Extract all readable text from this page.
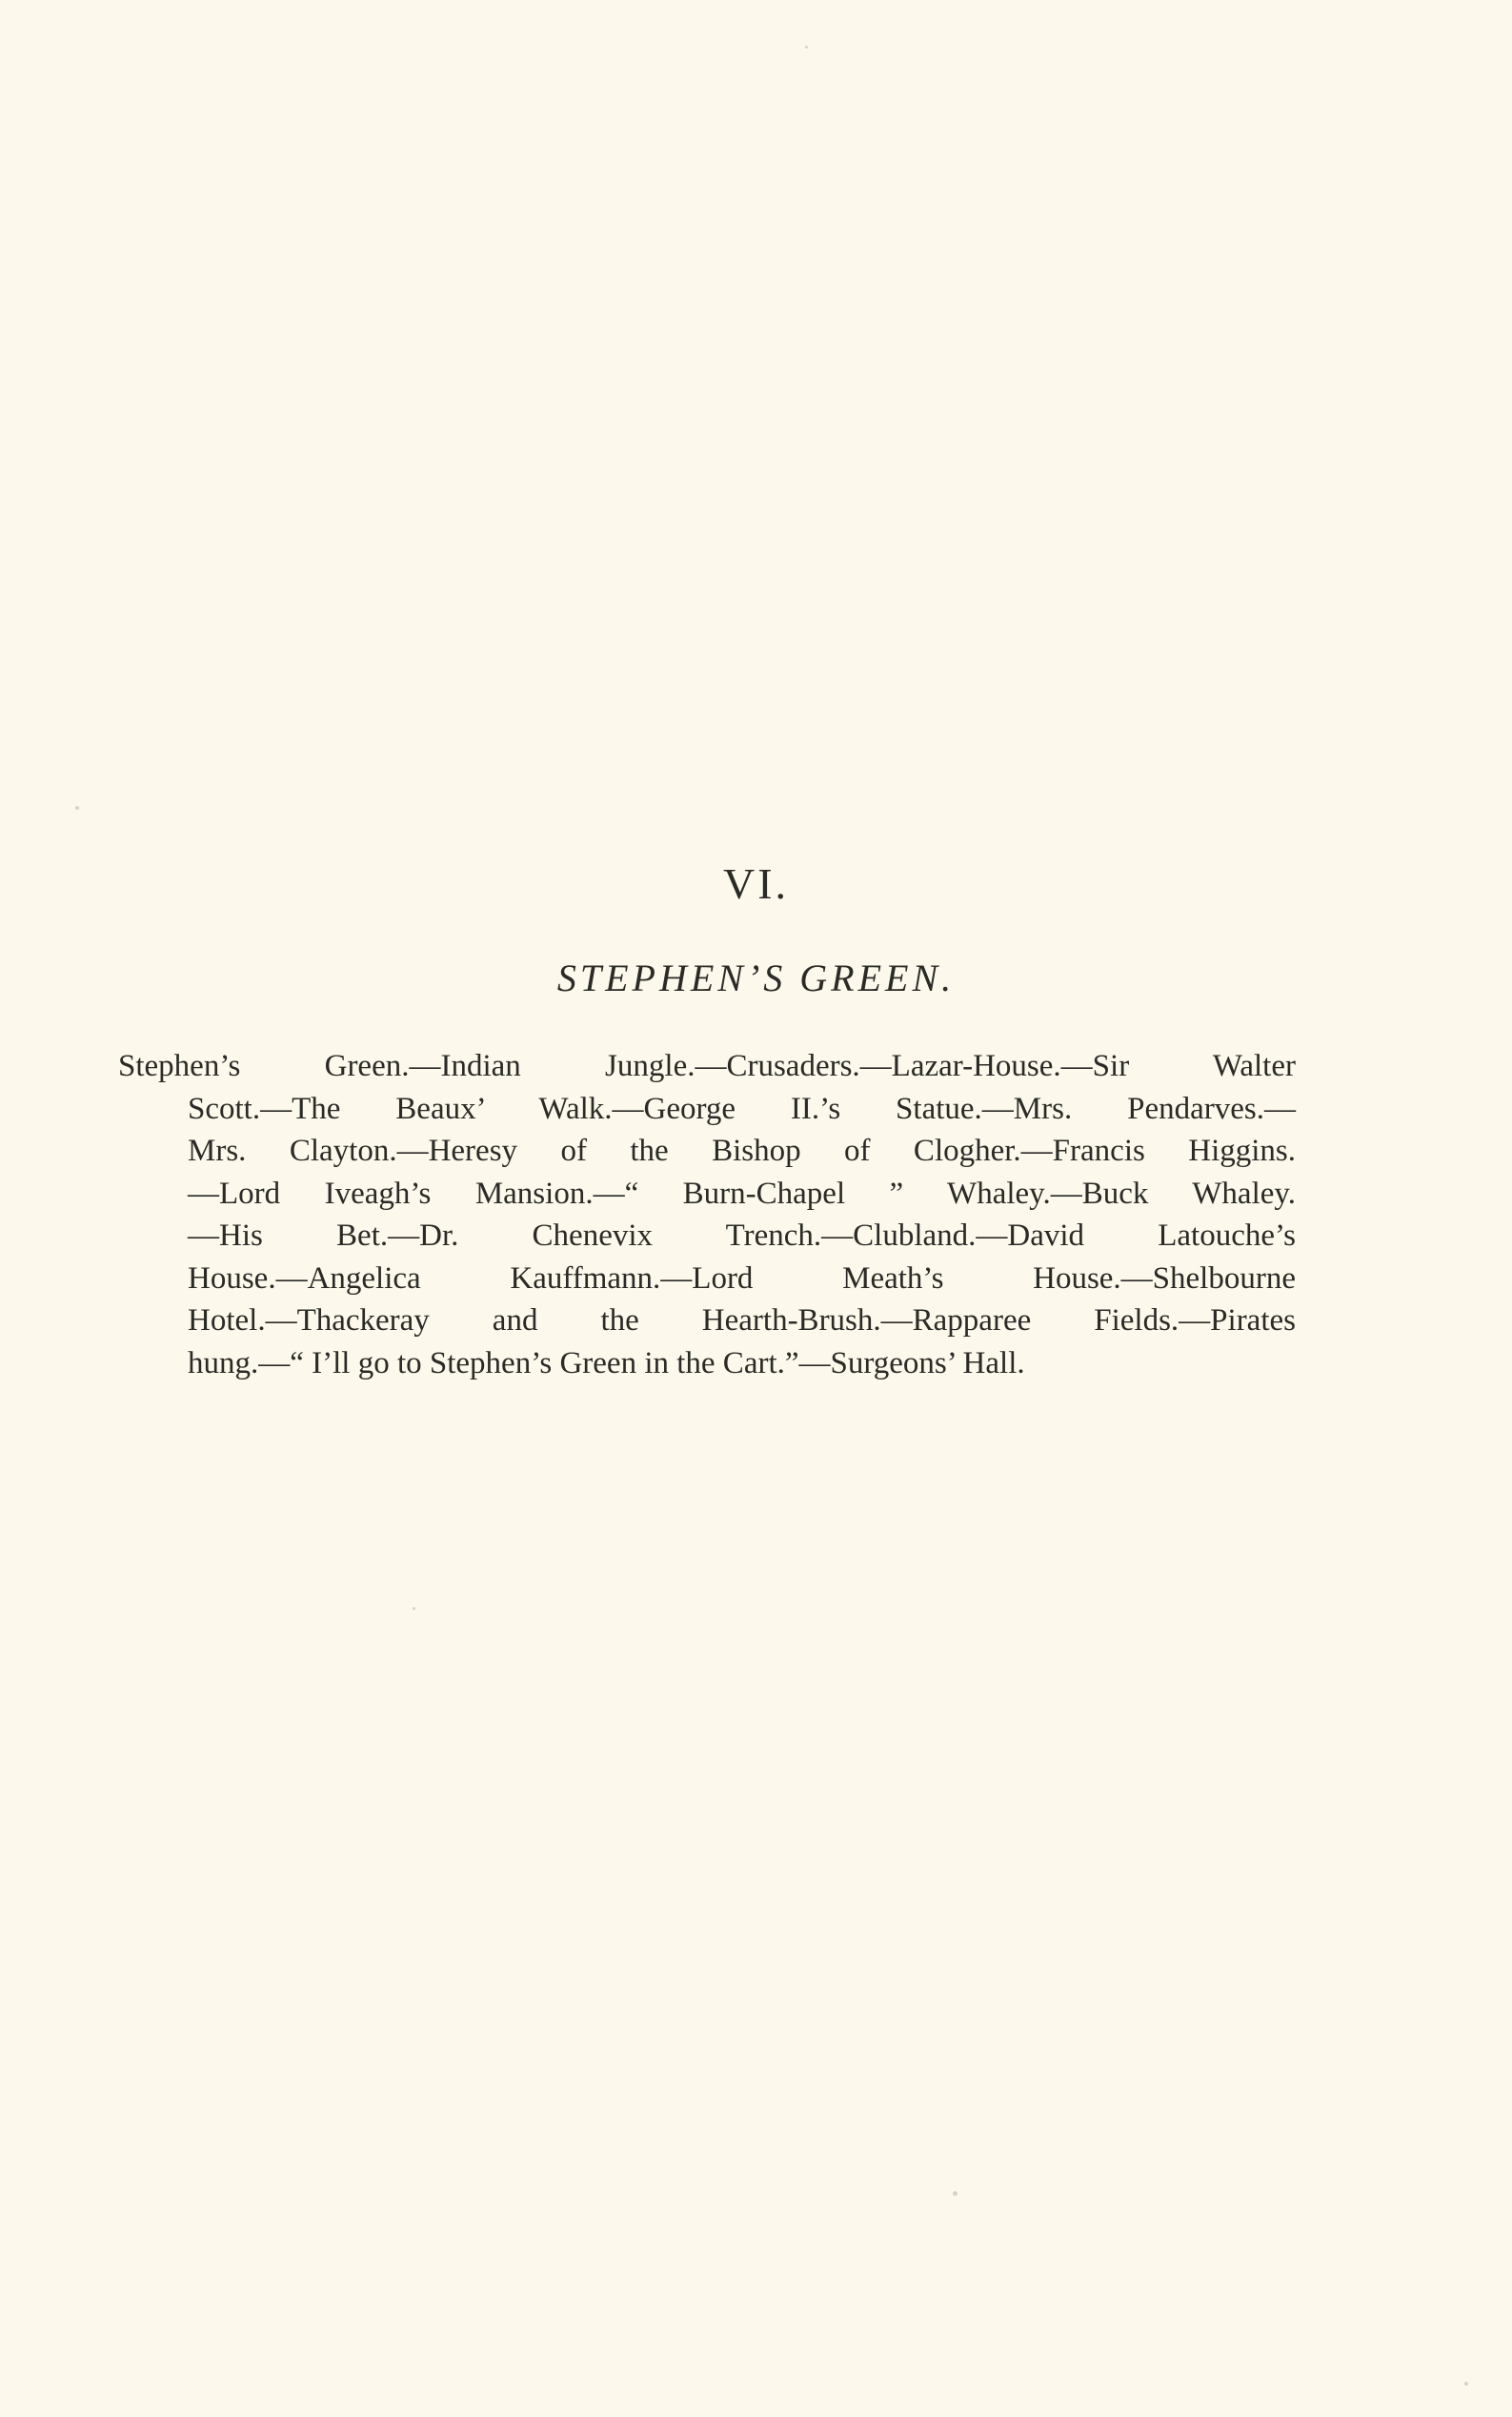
VI.
STEPHEN’S GREEN.
Stephen’s Green.—Indian Jungle.—Crusaders.—Lazar-House.—Sir Walter
Scott.—The Beaux’ Walk.—George II.’s Statue.—Mrs. Pendarves.—
Mrs. Clayton.—Heresy of the Bishop of Clogher.—Francis Higgins.
—Lord Iveagh’s Mansion.—“ Burn-Chapel ” Whaley.—Buck Whaley.
—His Bet.—Dr. Chenevix Trench.—Clubland.—David Latouche’s
House.—Angelica Kauffmann.—Lord Meath’s House.—Shelbourne
Hotel.—Thackeray and the Hearth-Brush.—Rapparee Fields.—Pirates
hung.—“ I’ll go to Stephen’s Green in the Cart.”—Surgeons’ Hall.
